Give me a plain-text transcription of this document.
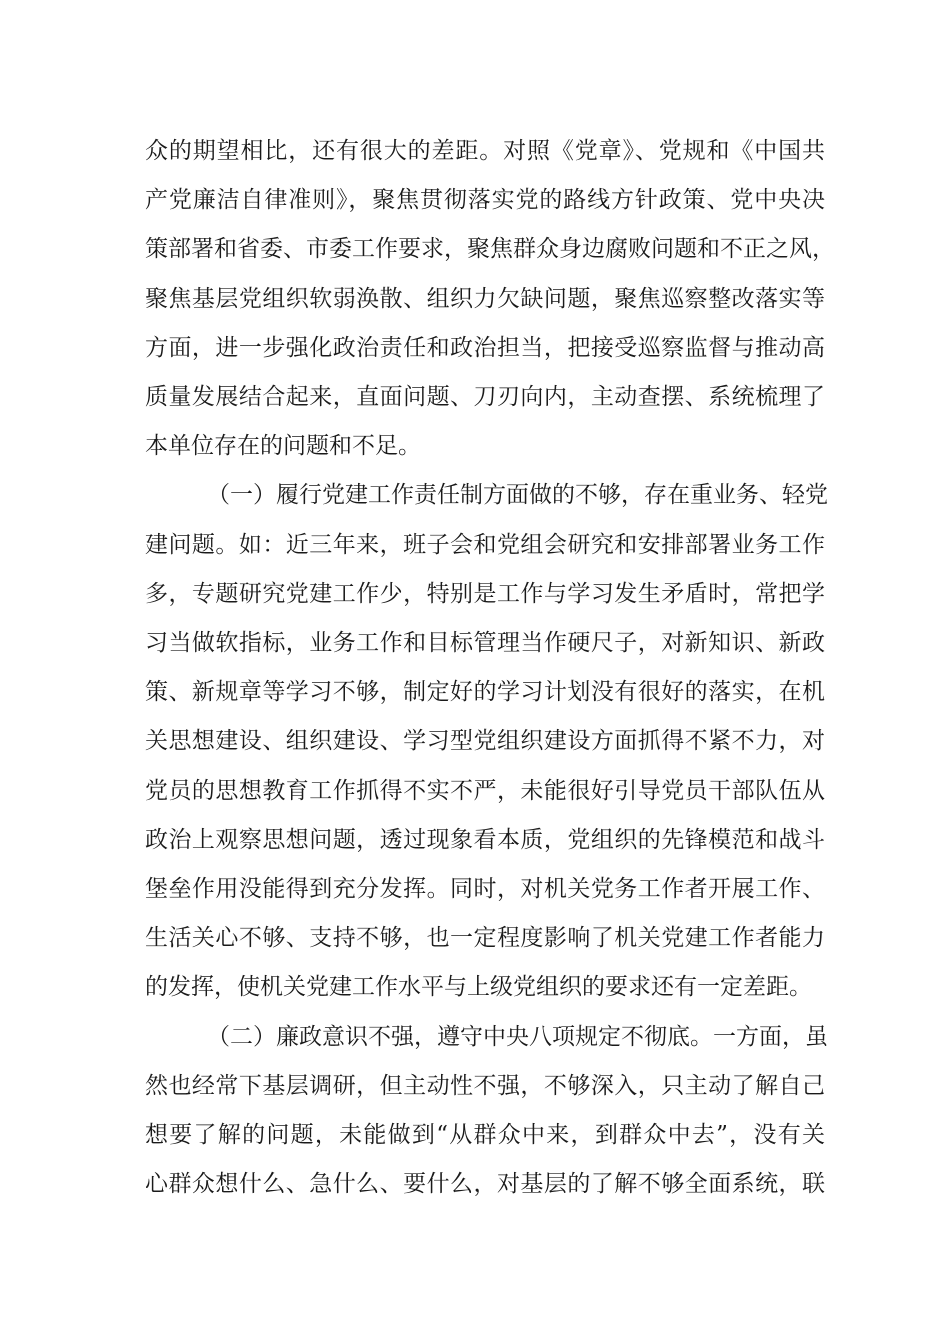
众的期望相比，还有很大的差距。对照《党章》、党规和《中国共
产党廉洁自律准则》，聚焦贯彻落实党的路线方针政策、党中央决
策部署和省委、市委工作要求，聚焦群众身边腐败问题和不正之风，
聚焦基层党组织软弱涣散、组织力欠缺问题，聚焦巡察整改落实等
方面，进一步强化政治责任和政治担当，把接受巡察监督与推动高
质量发展结合起来，直面问题、刀刃向内，主动查摆、系统梳理了
本单位存在的问题和不足。
（一）履行党建工作责任制方面做的不够，存在重业务、轻党
建问题。如：近三年来，班子会和党组会研究和安排部署业务工作
多，专题研究党建工作少，特别是工作与学习发生矛盾时，常把学
习当做软指标，业务工作和目标管理当作硬尺子，对新知识、新政
策、新规章等学习不够，制定好的学习计划没有很好的落实，在机
关思想建设、组织建设、学习型党组织建设方面抓得不紧不力，对
党员的思想教育工作抓得不实不严，未能很好引导党员干部队伍从
政治上观察思想问题，透过现象看本质，党组织的先锋模范和战斗
堡垒作用没能得到充分发挥。同时，对机关党务工作者开展工作、
生活关心不够、支持不够，也一定程度影响了机关党建工作者能力
的发挥，使机关党建工作水平与上级党组织的要求还有一定差距。
（二）廉政意识不强，遵守中央八项规定不彻底。一方面，虽
然也经常下基层调研，但主动性不强，不够深入，只主动了解自己
想要了解的问题，未能做到“从群众中来，到群众中去”，没有关
心群众想什么、急什么、要什么，对基层的了解不够全面系统，联
